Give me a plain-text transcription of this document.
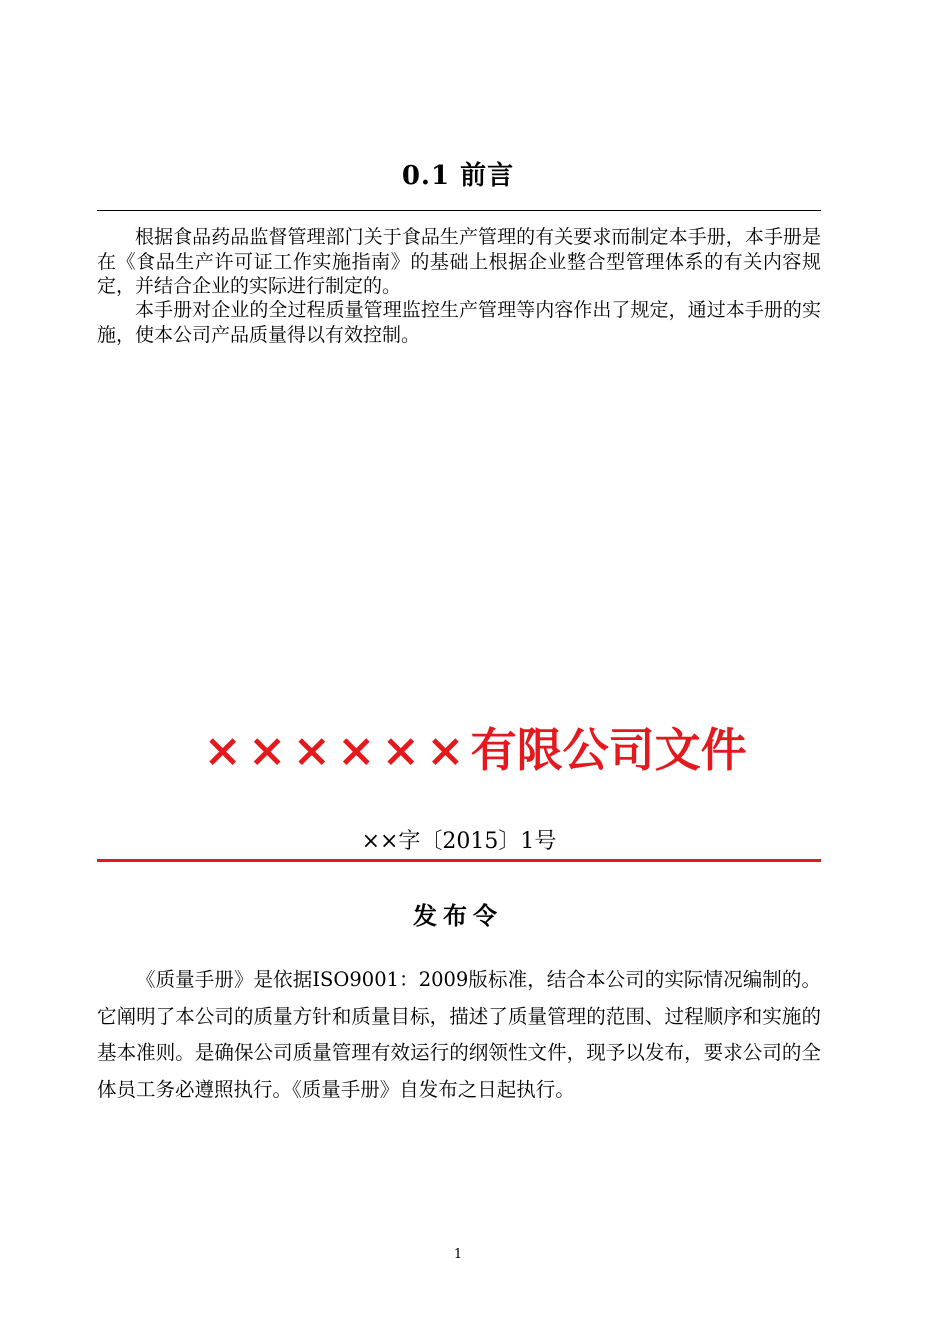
0.1 前言

根据食品药品监督管理部门关于食品生产管理的有关要求而制定本手册，本手册是在《食品生产许可证工作实施指南》的基础上根据企业整合型管理体系的有关内容规定，并结合企业的实际进行制定的。

本手册对企业的全过程质量管理监控生产管理等内容作出了规定，通过本手册的实施，使本公司产品质量得以有效控制。

××××××有限公司文件
××字〔2015〕1号
发布令

《质量手册》是依据ISO9001：2009版标准，结合本公司的实际情况编制的。它阐明了本公司的质量方针和质量目标，描述了质量管理的范围、过程顺序和实施的基本准则。是确保公司质量管理有效运行的纲领性文件，现予以发布，要求公司的全体员工务必遵照执行。《质量手册》自发布之日起执行。

1
